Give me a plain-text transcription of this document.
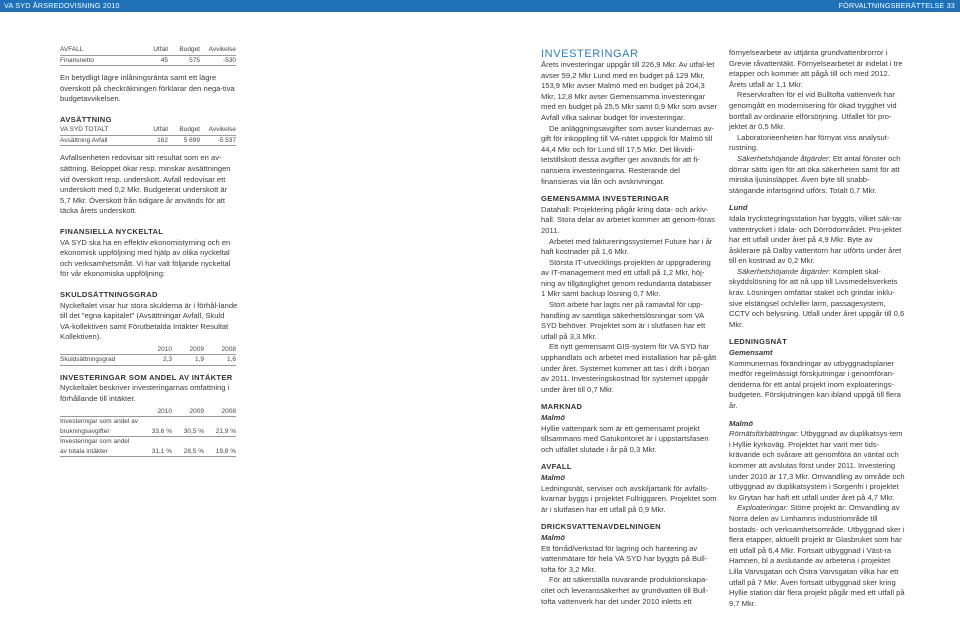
VA SYD ÅRSREDOVISNING 2010	FÖRVALTNINGSBERÄTTELSE 33
AVFALL	Utfall	Budget	Avvikelse
Finansnetto	45	575	-530

En betydligt lägre inlåningsränta samt ett lägre överskott på checkräkningen förklarar den nega-tiva budgetavvikelsen.

AVSÄTTNING

VA SYD TOTALT	Utfall	Budget	Avvikelse
Avsättning Avfall	162	5 699	-5 537

Avfallsenheten redovisar sitt resultat som en av-sättning. Beloppet ökar resp. minskar avsättningen vid överskott resp. underskott. Avfall redovisar ett underskott med 0,2 Mkr. Budgeterat underskott är 5,7 Mkr. Överskott från tidigare år används för att täcka årets underskott.

FINANSIELLA NYCKELTAL

VA SYD ska ha en effektiv ekonomistyrning och en ekonomisk uppföljning med hjälp av olika nyckeltal och verksamhetsmått. Vi har valt följande nyckeltal för vår ekonomiska uppföljning:

SKULDSÄTTNINGSGRAD

Nyckeltalet visar hur stora skulderna är i förhål-lande till det ”egna kapitalet” (Avsättningar Avfall, Skuld VA-kollektiven samt Förutbetalda Intäkter Resultat Kollektiven).

	2010	2009	2008
Skuldsättningsgrad	2,3	1,9	1,6

INVESTERINGAR SOM ANDEL AV INTÄKTER

Nyckeltalet beskriver investeringarnas omfattning i förhållande till intäkter.

	2010	2009	2008
Investeringar som andel av			
brukningsavgifter	33,6 %	30,5 %	21,9 %
Investeringar som andel			
av totala intäkter	31,1 %	28,5 %	19,8 %

INVESTERINGAR

Årets investeringar uppgår till 226,9 Mkr. Av utfal-let avser 59,2 Mkr Lund med en budget på 129 Mkr, 153,9 Mkr avser Malmö med en budget på 204,3 Mkr, 12,8 Mkr avser Gemensamma investeringar med en budget på 25,5 Mkr samt 0,9 Mkr som avser Avfall vilka saknar budget för investeringar.

De anläggningsavgifter som avser kundernas av-gift för inkoppling till VA-nätet uppgick för Malmö till 44,4 Mkr och för Lund till 17,5 Mkr. Det likvidi-tetstillskott dessa avgifter ger används för att fi-nansiera investeringarna. Resterande del finansieras via lån och avskrivningar.

GEMENSAMMA INVESTERINGAR

Datahall: Projektering pågår kring data- och arkiv-hall. Stora delar av arbetet kommer att genom-föras 2011.

Arbetet med faktureringssystemet Future har i år haft kostnader på 1,6 Mkr.

Största IT-utvecklings projekten är uppgradering av IT-management med ett utfall på 1,2 Mkr, höj-ning av tillgänglighet genom redundanta databaser 1 Mkr samt backup lösning 0,7 Mkr.

Stort arbete har lagts ner på ramavtal för upp-handling av samtliga säkerhetslösningar som VA SYD behöver. Projektet som är i slutfasen har ett utfall på 3,3 Mkr.

Ett nytt gemensamt GIS-system för VA SYD har upphandlats och arbetet med installation har på-gått under året. Systemet kommer att tas i drift i början av 2011. Investeringskostnad för systemet uppgår under året till 0,7 Mkr.

MARKNAD

Malmö

Hyllie vattenpark som är ett gemensamt projekt tillsammans med Gatukontoret är i uppstartsfasen och utfallet slutade i år på 0,3 Mkr.

AVFALL

Malmö

Ledningsnät, serviser och avskiljartank för avfalls-kvarnar byggs i projektet Fullriggaren. Projektet som är i slutfasen har ett utfall på 0,9 Mkr.

DRICKSVATTENAVDELNINGEN

Malmö

Ett förråd/verkstad för lagring och hantering av vattenmätare för hela VA SYD har byggts på Bull-tofta för 3,2 Mkr.

För att säkerställa nuvarande produktionskapa-citet och leveranssäkerhet av grundvatten till Bull-tofta vattenverk har det under 2010 inletts ett

förnyelsearbete av uttjänta grundvattenbrorror i Grevie råvattentäkt. Förnyelsearbetet är indelat i tre etapper och kommer att pågå till och med 2012. Årets utfall är 1,1 Mkr.

Reservkraften för el vid Bulltofta vattenverk har genomgått en modernisering för ökad trygghet vid bortfall av ordinarie elförsörjning. Utfallet för pro-jektet är 0,5 Mkr.

Laboratorieenheten har förnyat viss analysut-rustning.

Säkerhetshöjande åtgärder: Ett antal fönster och dörrar sätts igen för att öka säkerheten samt för att minska ljusinsläppet. Även byte till snabb-stängande infartsgrind utförs. Totalt 0,7 Mkr.

Lund

Idala tryckstegringsstation har byggts, vilket säk-rar vattentrycket i Idala- och Dörrödområdet. Pro-jektet har ett utfall under året på 4,9 Mkr. Byte av åsklerare på Dalby vattentorn har utförts under året till en kostnad av 0,2 Mkr.

Säkerhetshöjande åtgärder: Komplett skal-skyddslösning för att nå upp till Livsmedelsverkets krav. Lösningen omfattar staket och grindar inklu-sive elstängsel och/eller larm, passagesystem, CCTV och belysning. Utfall under året uppgår till 0,6 Mkr.

LEDNINGSNÄT

Gemensamt

Kommunernas förändringar av utbyggnadsplaner medför regelmässigt förskjutningar i genomföran-detiderna för ett antal projekt inom exploaterings-budgeten. Förskjutningen kan ibland uppgå till flera år.

Malmö

Rörnätsförbättringar: Utbyggnad av duplikatsys-tem i Hyllie kyrkoväg. Projektet har varit mer tids-krävande och svårare att genomföra än väntat och kommer att avslutas först under 2011. Investering under 2010 är 17,3 Mkr. Omvandling av område och utbyggnad av duplikatsystem i Sorgenfri i projektet kv Grytan har haft ett utfall under året på 4,7 Mkr.

Exploateringar: Större projekt är: Omvandling av Norra delen av Limhamns industriområde till bostads- och verksamhetsområde. Utbyggnad sker i flera etapper, aktuellt projekt är Glasbruket som har ett utfall på 6,4 Mkr. Fortsatt utbyggnad i Väst-ra Hamnen, bl a avslutande av arbetena i projektet Lilla Varvsgatan och Östra Varvsgatan vilka har ett utfall på 7 Mkr. Även fortsatt utbyggnad sker kring Hyllie station där flera projekt pågår med ett utfall på 9,7 Mkr.
